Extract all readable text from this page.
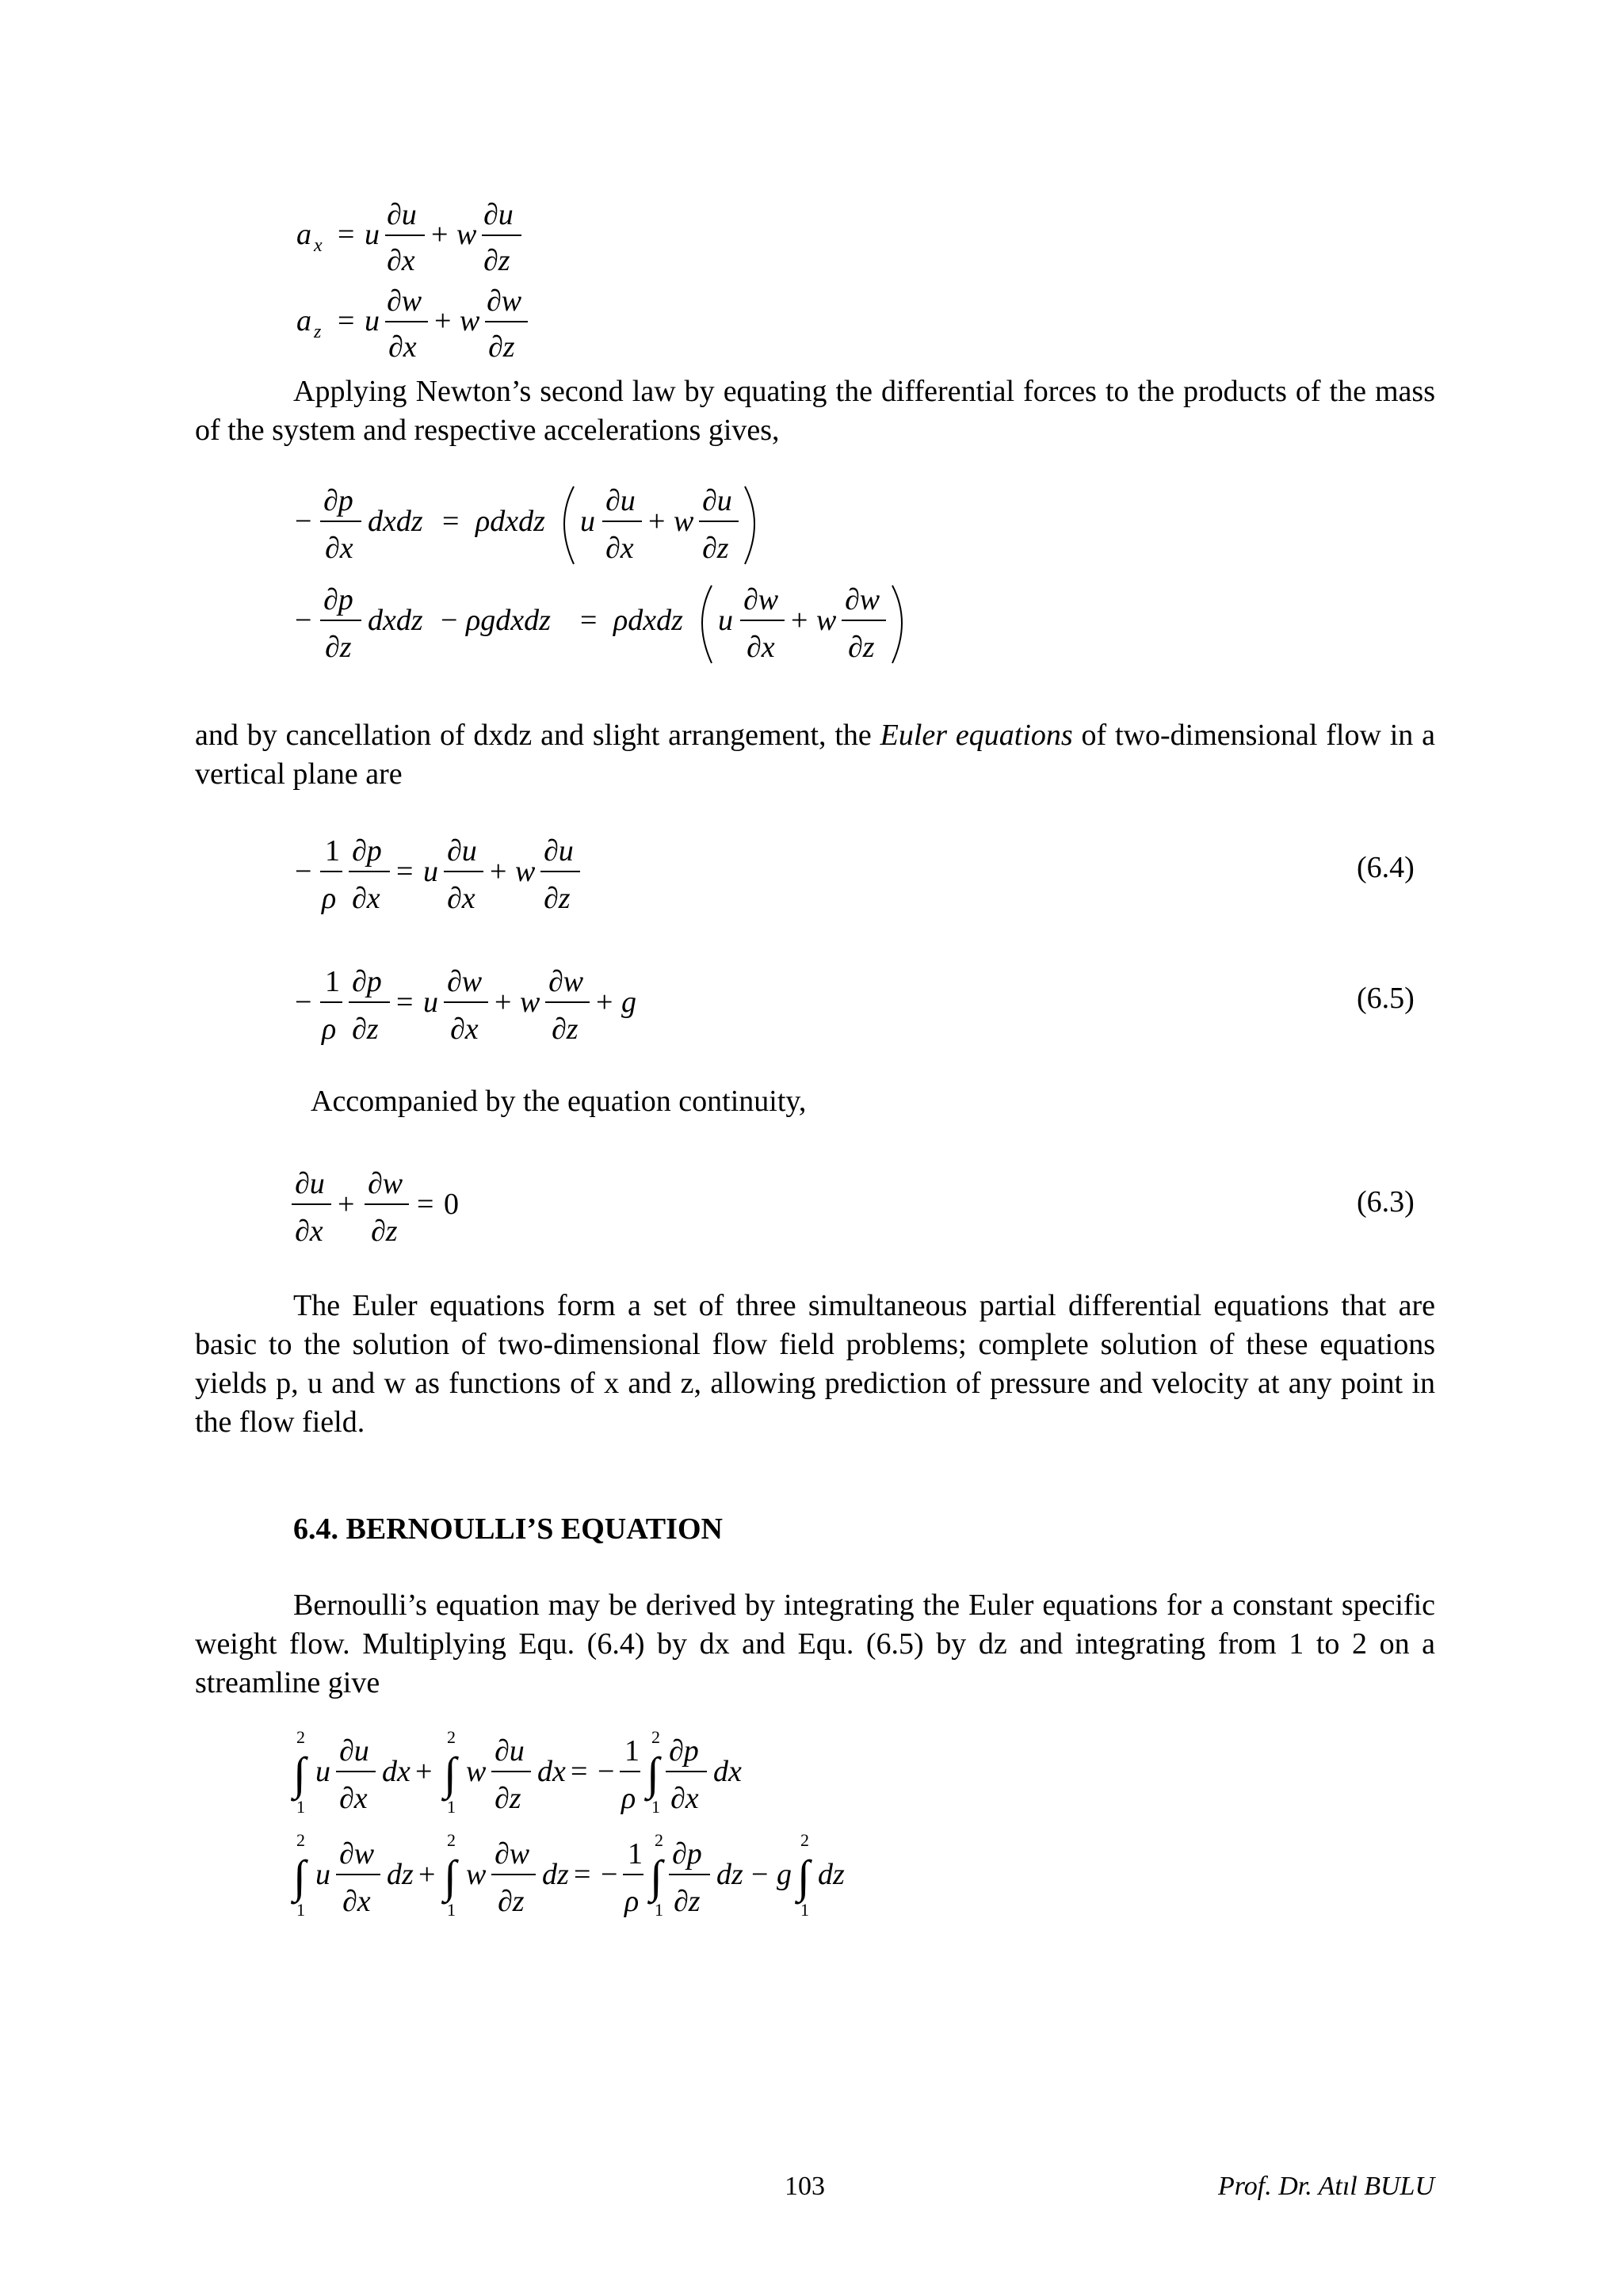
a x = u
∂u
∂x
+ w
∂u
∂z
a z = u
∂w
∂x
+ w
∂w
∂z

Applying Newton’s second law by equating the differential forces to the products of the mass of the system and respective accelerations gives,

−
∂p
∂x
dxdz = ρdxdz u
∂u
∂x
+ w
∂u
∂z
−
∂p
∂z
dxdz − ρgdxdz = ρdxdz u
∂w
∂x
+ w
∂w
∂z

and by cancellation of dxdz and slight arrangement, the Euler equations of two-dimensional flow in a vertical plane are

−
1
ρ
∂p
∂x
= u
∂u
∂x
+ w
∂u
∂z
(6.4)
−
1
ρ
∂p
∂z
= u
∂w
∂x
+ w
∂w
∂z
+ g	(6.5)

Accompanied by the equation continuity,

∂u
∂x
+
∂w
∂z
= 0	(6.3)

The Euler equations form a set of three simultaneous partial differential equations that are basic to the solution of two-dimensional flow field problems; complete solution of these equations yields p, u and w as functions of x and z, allowing prediction of pressure and velocity at any point in the flow field.

6.4. BERNOULLI’S EQUATION

Bernoulli’s equation may be derived by integrating the Euler equations for a constant specific weight flow. Multiplying Equ. (6.4) by dx and Equ. (6.5) by dz and integrating from 1 to 2 on a streamline give

2
∫
1
u
∂u
∂x
dx +
2
∫
1
w
∂u
∂z
dx = −
1
ρ
2
∫
1
∂p
∂x
dx
2
∫
1
u
∂w
∂x
dz +
2
∫
1
w
∂w
∂z
dz = −
1
ρ
2
∫
1
∂p
∂z
dz − g
2
∫
1
dz
103	Prof. Dr. Atıl BULU
